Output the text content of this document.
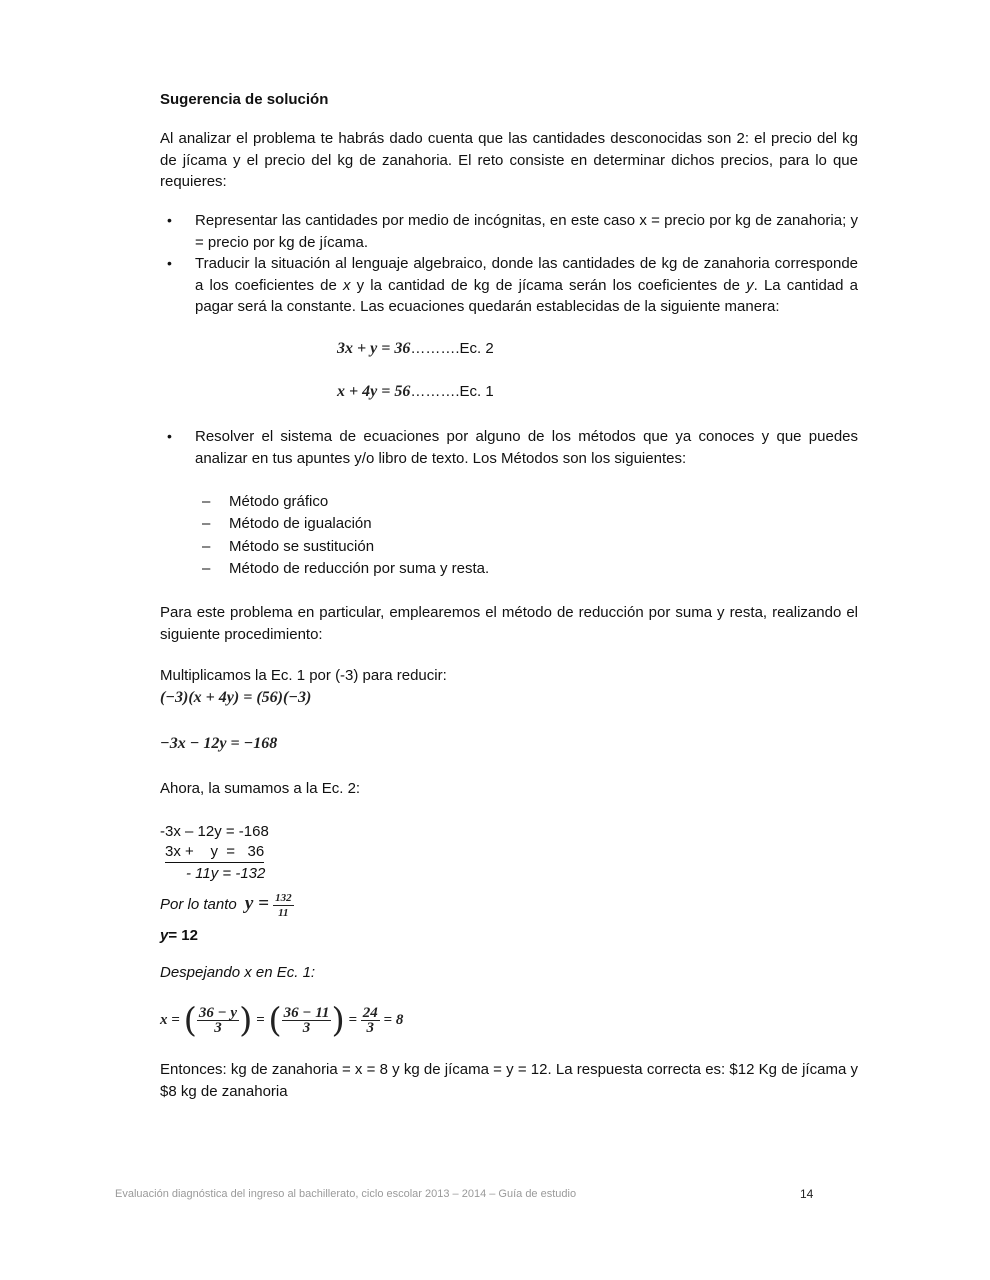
Sugerencia de solución

Al analizar el problema te habrás dado cuenta que las cantidades desconocidas son 2: el precio del kg de jícama y el precio del kg de zanahoria. El reto consiste en determinar dichos precios, para lo que requieres:

• Representar las cantidades por medio de incógnitas, en este caso x = precio por kg de zanahoria; y = precio por kg de jícama.

• Traducir la situación al lenguaje algebraico, donde las cantidades de kg de zanahoria corresponde a los coeficientes de x y la cantidad de kg de jícama serán los coeficientes de y. La cantidad a pagar será la constante. Las ecuaciones quedarán establecidas de la siguiente manera:

3x + y = 36……….Ec. 2
x + 4y = 56……….Ec. 1
• Resolver el sistema de ecuaciones por alguno de los métodos que ya conoces y que puedes analizar en tus apuntes y/o libro de texto. Los Métodos son los siguientes:

– Método gráfico
– Método de igualación
– Método se sustitución
– Método de reducción por suma y resta.

Para este problema en particular, emplearemos el método de reducción por suma y resta, realizando el siguiente procedimiento:

Multiplicamos la Ec. 1 por (-3) para reducir:
(−3)(x + 4y) = (56)(−3)
−3x − 12y = −168
Ahora, la sumamos a la Ec. 2:
-3x – 12y = -168
3x +    y  =   36
- 11y = -132
Por lo tanto $y = \frac{132}{11}$
y= 12
Despejando x en Ec. 1:
x = ( $\frac{36 - y}{3}$ ) = ( $\frac{36 - 11}{3}$ ) = $\frac{24}{3} = 8$

Entonces: kg de zanahoria = x = 8 y kg de jícama = y = 12. La respuesta correcta es: $12 Kg de jícama y $8 kg de zanahoria

Evaluación diagnóstica del ingreso al bachillerato, ciclo escolar 2013 – 2014 – Guía de estudio	14
